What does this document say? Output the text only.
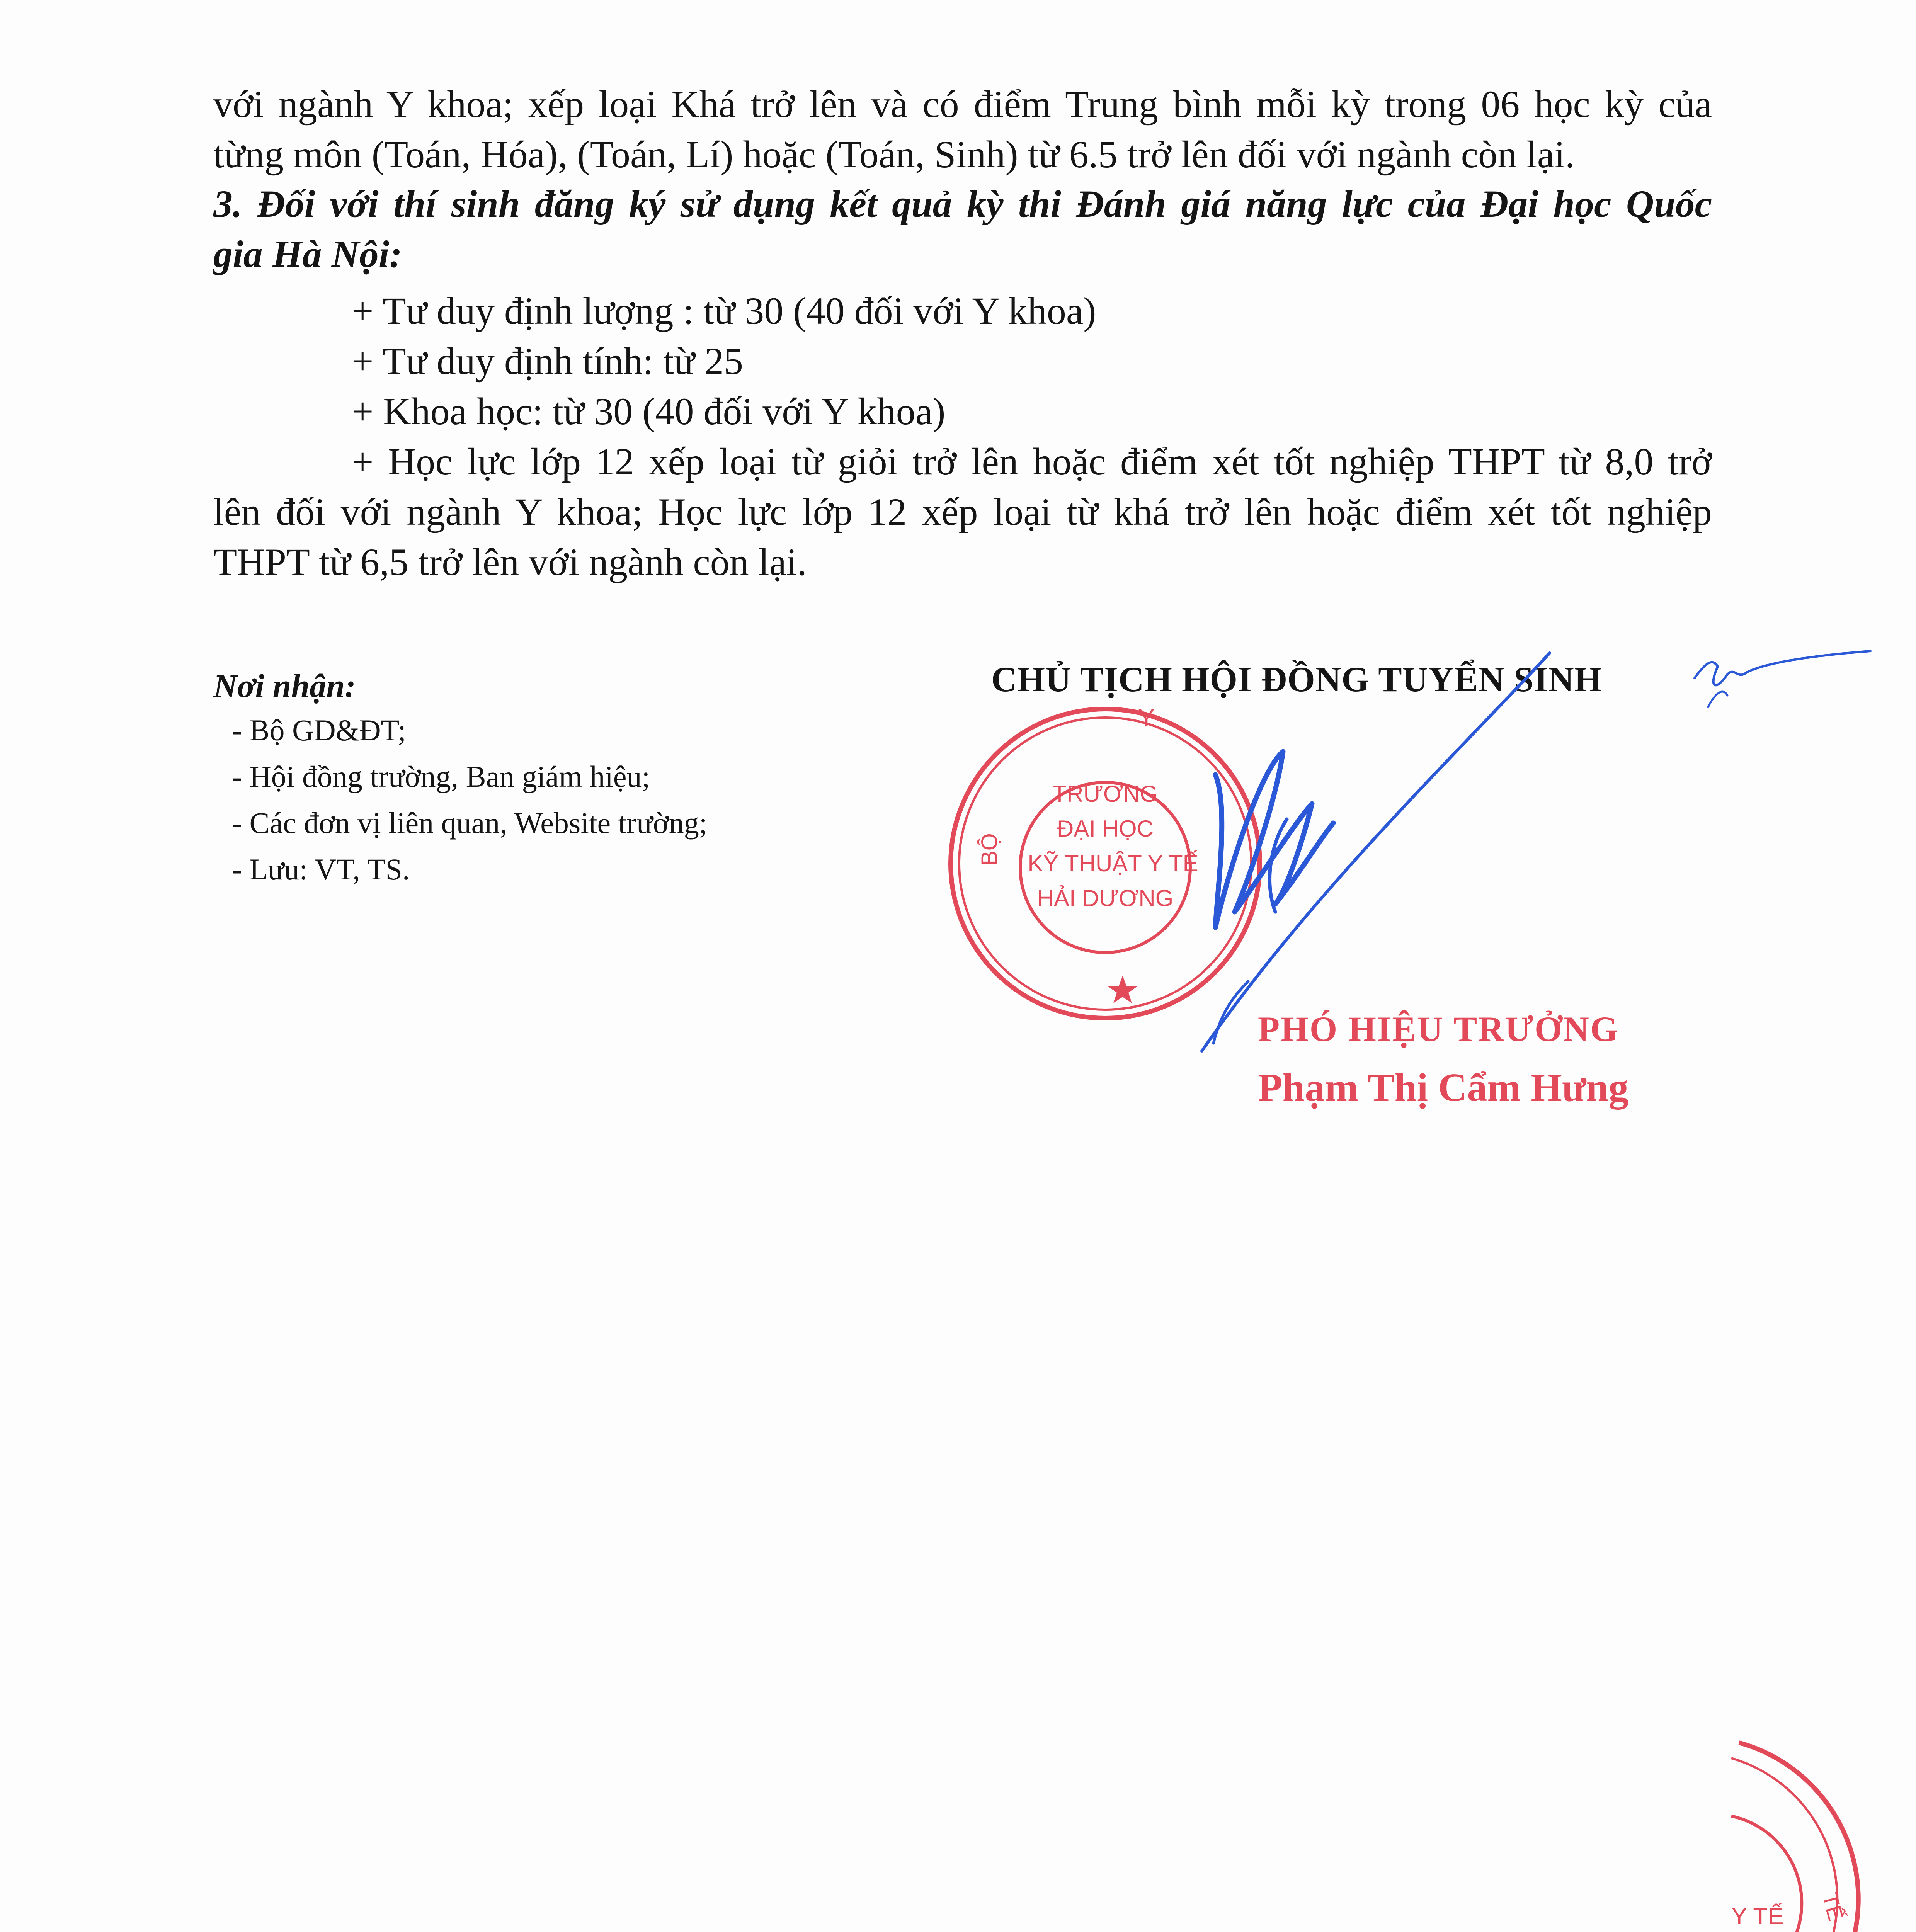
với ngành Y khoa; xếp loại Khá trở lên và có điểm Trung bình mỗi kỳ trong 06 học kỳ của
từng môn (Toán, Hóa), (Toán, Lí) hoặc (Toán, Sinh) từ 6.5 trở lên đối với ngành còn lại.
3. Đối với thí sinh đăng ký sử dụng kết quả kỳ thi Đánh giá năng lực của Đại học Quốc
gia Hà Nội:
+ Tư duy định lượng : từ 30 (40 đối với Y khoa)
+ Tư duy định tính: từ 25
+ Khoa học: từ 30 (40 đối với Y khoa)
+ Học lực lớp 12 xếp loại từ giỏi trở lên hoặc điểm xét tốt nghiệp THPT từ 8,0 trở
lên đối với ngành Y khoa; Học lực lớp 12 xếp loại từ khá trở lên hoặc điểm xét tốt nghiệp
THPT từ 6,5 trở lên với ngành còn lại.
Nơi nhận:
- Bộ GD&ĐT;
- Hội đồng trường, Ban giám hiệu;
- Các đơn vị liên quan, Website trường;
- Lưu: VT, TS.
CHỦ TỊCH HỘI ĐỒNG TUYỂN SINH
Y
BỘ
TRƯỜNG
ĐẠI HỌC
KỸ THUẬT Y TẾ
HẢI DƯƠNG
TẾ
Y TẾ
PHÓ HIỆU TRƯỞNG
Phạm Thị Cẩm Hưng
